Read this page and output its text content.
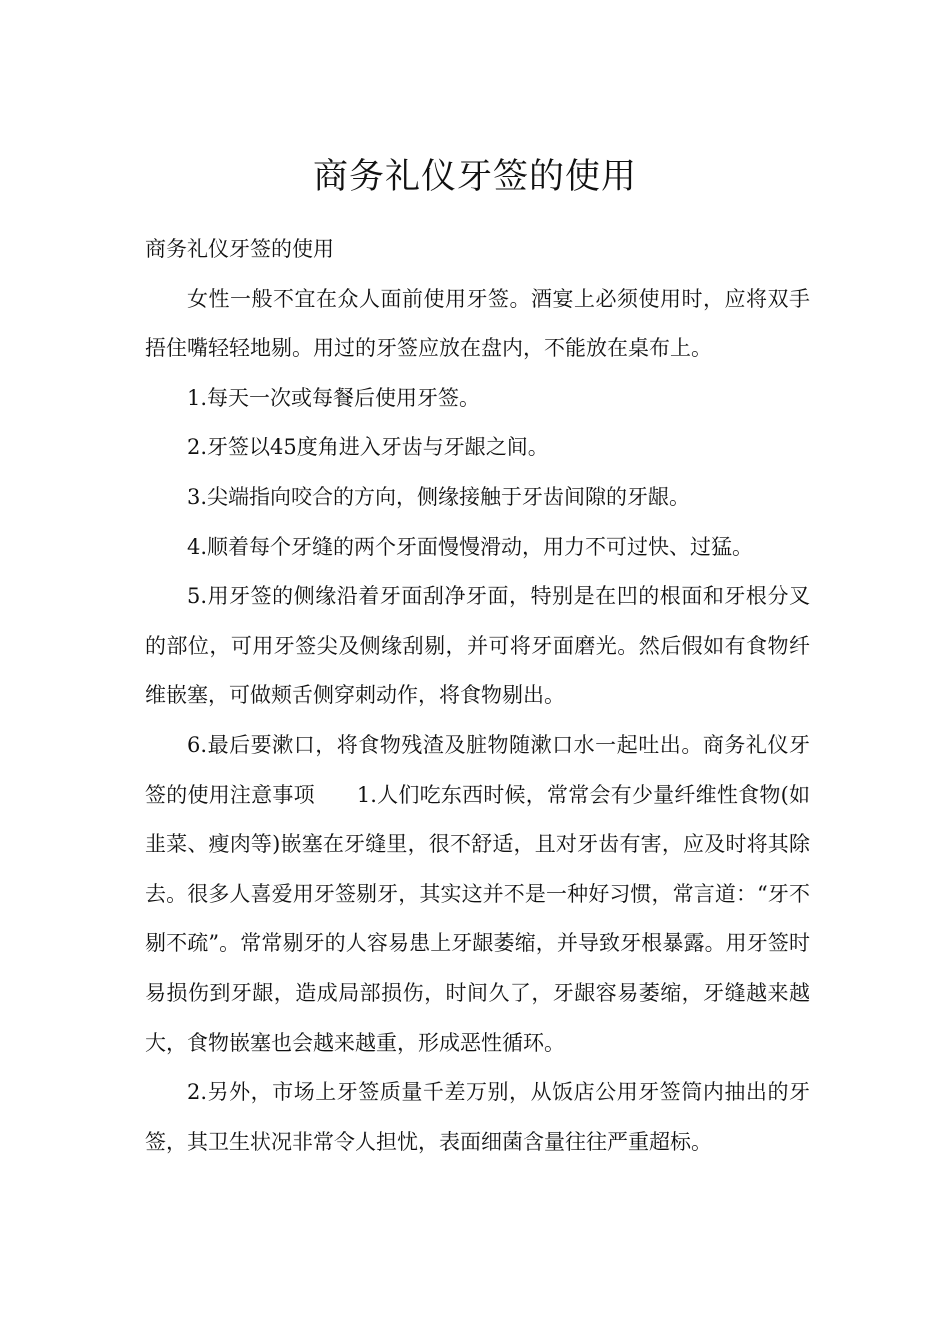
商务礼仪牙签的使用

商务礼仪牙签的使用

女性一般不宜在众人面前使用牙签。酒宴上必须使用时，应将双手捂住嘴轻轻地剔。用过的牙签应放在盘内，不能放在桌布上。

1.每天一次或每餐后使用牙签。

2.牙签以45度角进入牙齿与牙龈之间。

3.尖端指向咬合的方向，侧缘接触于牙齿间隙的牙龈。

4.顺着每个牙缝的两个牙面慢慢滑动，用力不可过快、过猛。

5.用牙签的侧缘沿着牙面刮净牙面，特别是在凹的根面和牙根分叉的部位，可用牙签尖及侧缘刮剔，并可将牙面磨光。然后假如有食物纤维嵌塞，可做颊舌侧穿刺动作，将食物剔出。

6.最后要漱口，将食物残渣及脏物随漱口水一起吐出。商务礼仪牙签的使用注意事项 1.人们吃东西时候，常常会有少量纤维性食物(如韭菜、瘦肉等)嵌塞在牙缝里，很不舒适，且对牙齿有害，应及时将其除去。很多人喜爱用牙签剔牙，其实这并不是一种好习惯，常言道：“牙不剔不疏”。常常剔牙的人容易患上牙龈萎缩，并导致牙根暴露。用牙签时易损伤到牙龈，造成局部损伤，时间久了，牙龈容易萎缩，牙缝越来越大，食物嵌塞也会越来越重，形成恶性循环。

2.另外，市场上牙签质量千差万别，从饭店公用牙签筒内抽出的牙签，其卫生状况非常令人担忧，表面细菌含量往往严重超标。
